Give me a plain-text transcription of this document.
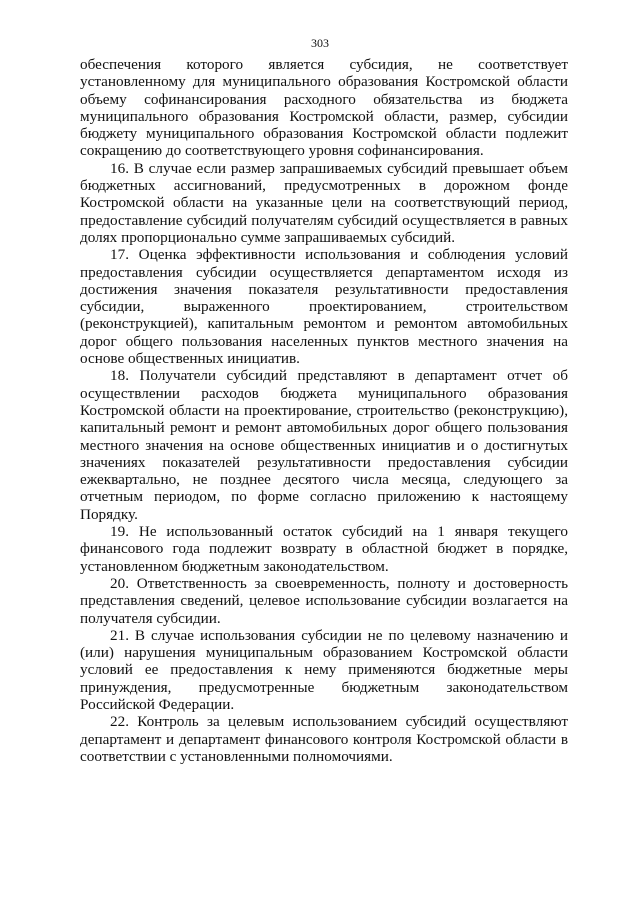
303

обеспечения которого является субсидия, не соответствует установленному для муниципального образования Костромской области объему софинансирования расходного обязательства из бюджета муниципального образования Костромской области, размер, субсидии бюджету муниципального образования Костромской области подлежит сокращению до соответствующего уровня софинансирования.

16. В случае если размер запрашиваемых субсидий превышает объем бюджетных ассигнований, предусмотренных в дорожном фонде Костромской области на указанные цели на соответствующий период, предоставление субсидий получателям субсидий осуществляется в равных долях пропорционально сумме запрашиваемых субсидий.

17. Оценка эффективности использования и соблюдения условий предоставления субсидии осуществляется департаментом исходя из достижения значения показателя результативности предоставления субсидии, выраженного проектированием, строительством (реконструкцией), капитальным ремонтом и ремонтом автомобильных дорог общего пользования населенных пунктов местного значения на основе общественных инициатив.

18. Получатели субсидий представляют в департамент отчет об осуществлении расходов бюджета муниципального образования Костромской области на проектирование, строительство (реконструкцию), капитальный ремонт и ремонт автомобильных дорог общего пользования местного значения на основе общественных инициатив и о достигнутых значениях показателей результативности предоставления субсидии ежеквартально, не позднее десятого числа месяца, следующего за отчетным периодом, по форме согласно приложению к настоящему Порядку.

19. Не использованный остаток субсидий на 1 января текущего финансового года подлежит возврату в областной бюджет в порядке, установленном бюджетным законодательством.

20. Ответственность за своевременность, полноту и достоверность представления сведений, целевое использование субсидии возлагается на получателя субсидии.

21. В случае использования субсидии не по целевому назначению и (или) нарушения муниципальным образованием Костромской области условий ее предоставления к нему применяются бюджетные меры принуждения, предусмотренные бюджетным законодательством Российской Федерации.

22. Контроль за целевым использованием субсидий осуществляют департамент и департамент финансового контроля Костромской области в соответствии с установленными полномочиями.
